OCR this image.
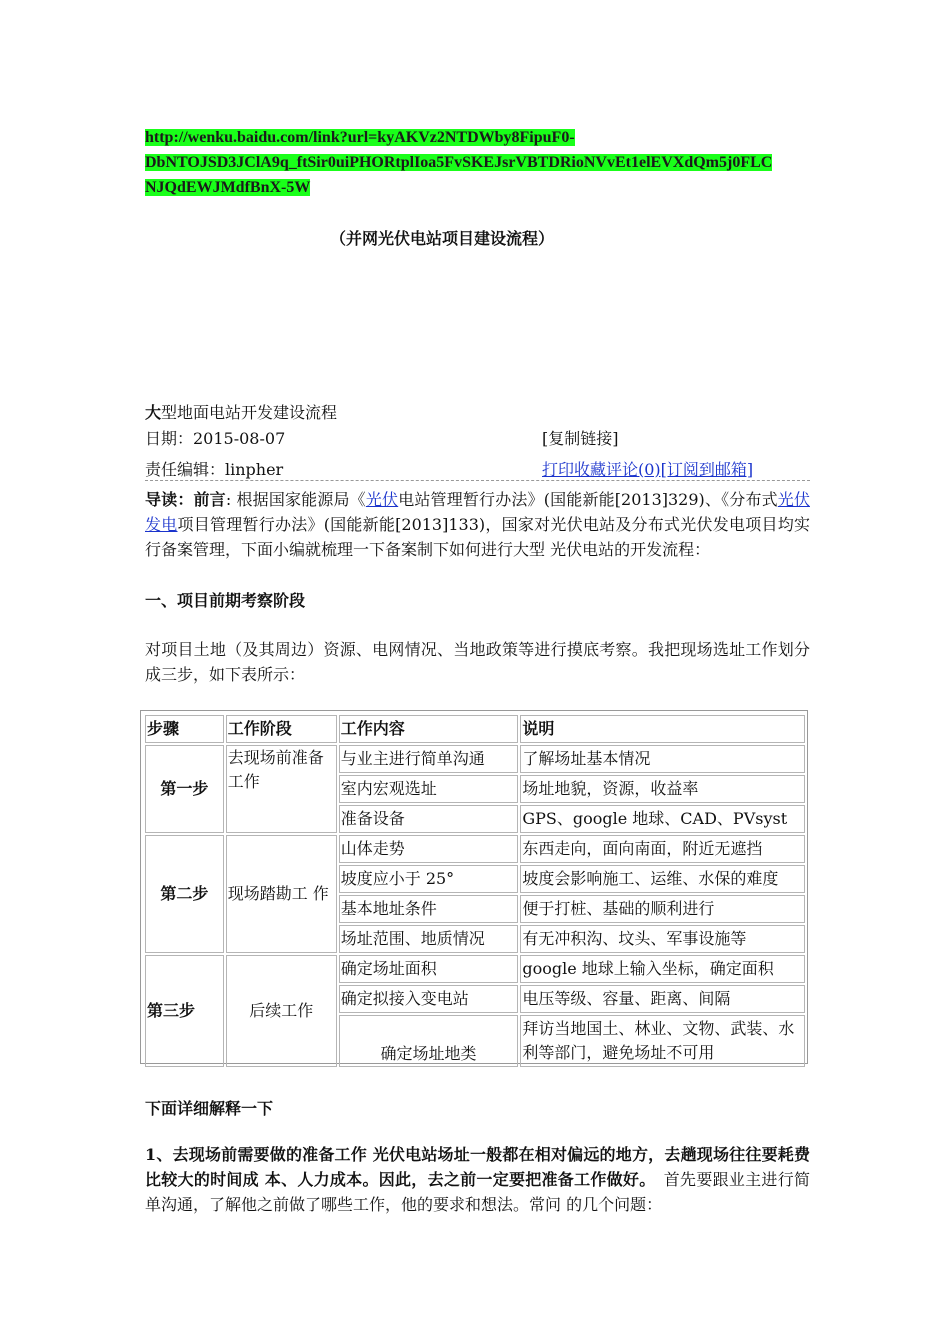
http://wenku.baidu.com/link?url=kyAKVz2NTDWby8FipuF0-
DbNTOJSD3JClA9q_ftSir0uiPHORtplIoa5FvSKEJsrVBTDRioNVvEt1elEVXdQm5j0FLC
NJQdEWJMdfBnX-5W
（并网光伏电站项目建设流程）
大型地面电站开发建设流程
日期：2015-08-07	[复制链接]
责任编辑：linpher	打印收藏评论(0)[订阅到邮箱]
导读：前言: 根据国家能源局《光伏电站管理暂行办法》(国能新能[2013]329)、《分布式光伏发电项目管理暂行办法》(国能新能[2013]133)，国家对光伏电站及分布式光伏发电项目均实行备案管理，下面小编就梳理一下备案制下如何进行大型 光伏电站的开发流程：
一、项目前期考察阶段
对项目土地（及其周边）资源、电网情况、当地政策等进行摸底考察。我把现场选址工作划分成三步，如下表所示：
步骤	工作阶段	工作内容	说明
第一步	去现场前准备工作	与业主进行简单沟通	了解场址基本情况
		室内宏观选址	场址地貌，资源，收益率
		准备设备	GPS、google 地球、CAD、PVsyst
第二步	现场踏勘工 作	山体走势	东西走向，面向南面，附近无遮挡
		坡度应小于 25°	坡度会影响施工、运维、水保的难度
		基本地址条件	便于打桩、基础的顺利进行
		场址范围、地质情况	有无冲积沟、坟头、军事设施等
第三步	后续工作	确定场址面积	google 地球上输入坐标，确定面积
		确定拟接入变电站	电压等级、容量、距离、间隔
		确定场址地类	拜访当地国土、林业、文物、武装、水利等部门，避免场址不可用
下面详细解释一下
1、去现场前需要做的准备工作 光伏电站场址一般都在相对偏远的地方，去趟现场往往要耗费比较大的时间成 本、人力成本。因此，去之前一定要把准备工作做好。　首先要跟业主进行简单沟通，了解他之前做了哪些工作，他的要求和想法。常问 的几个问题：
